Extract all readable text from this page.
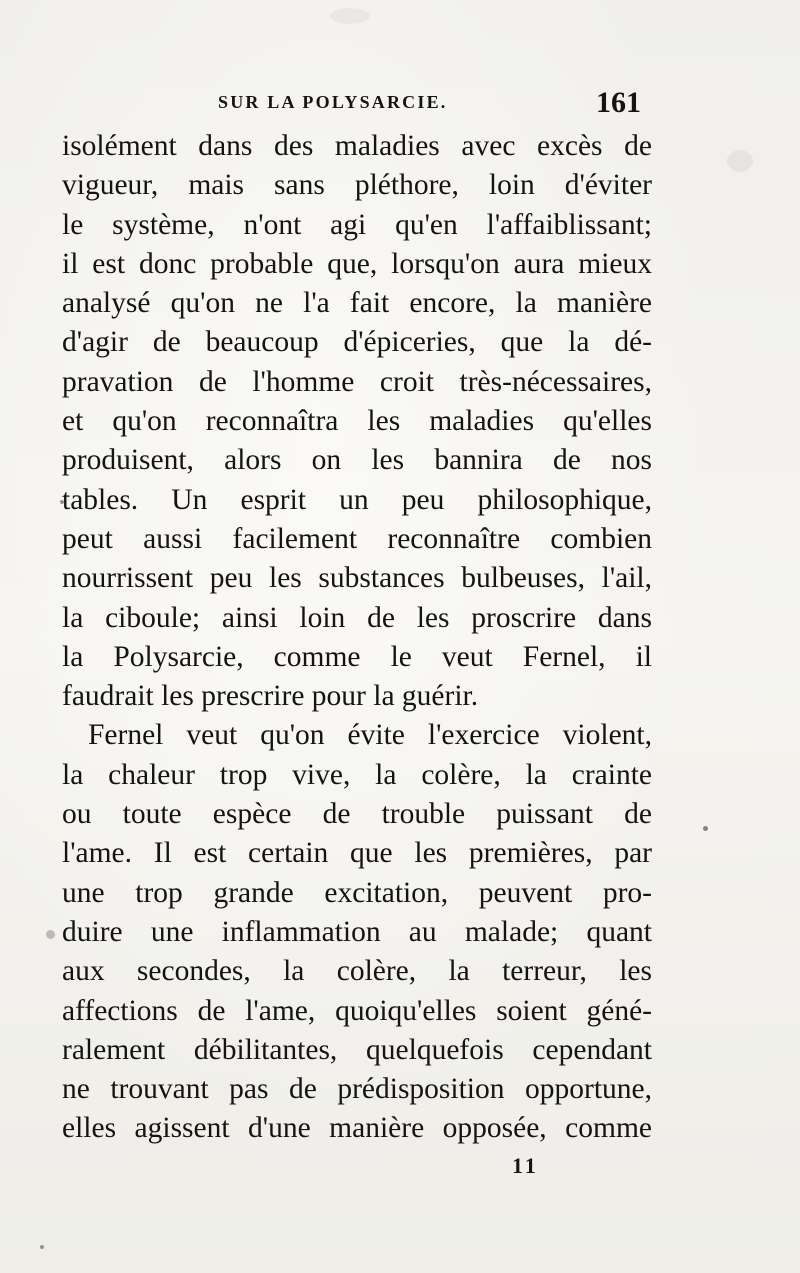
SUR LA POLYSARCIE.	161
isolément dans des maladies avec excès de
vigueur, mais sans pléthore, loin d'éviter
le système, n'ont agi qu'en l'affaiblissant;
il est donc probable que, lorsqu'on aura mieux
analysé qu'on ne l'a fait encore, la manière
d'agir de beaucoup d'épiceries, que la dé-
pravation de l'homme croit très-nécessaires,
et qu'on reconnaîtra les maladies qu'elles
produisent, alors on les bannira de nos
tables. Un esprit un peu philosophique,
peut aussi facilement reconnaître combien
nourrissent peu les substances bulbeuses, l'ail,
la ciboule; ainsi loin de les proscrire dans
la Polysarcie, comme le veut Fernel, il
faudrait les prescrire pour la guérir.
Fernel veut qu'on évite l'exercice violent,
la chaleur trop vive, la colère, la crainte
ou toute espèce de trouble puissant de
l'ame. Il est certain que les premières, par
une trop grande excitation, peuvent pro-
duire une inflammation au malade; quant
aux secondes, la colère, la terreur, les
affections de l'ame, quoiqu'elles soient géné-
ralement débilitantes, quelquefois cependant
ne trouvant pas de prédisposition opportune,
elles agissent d'une manière opposée, comme
11
